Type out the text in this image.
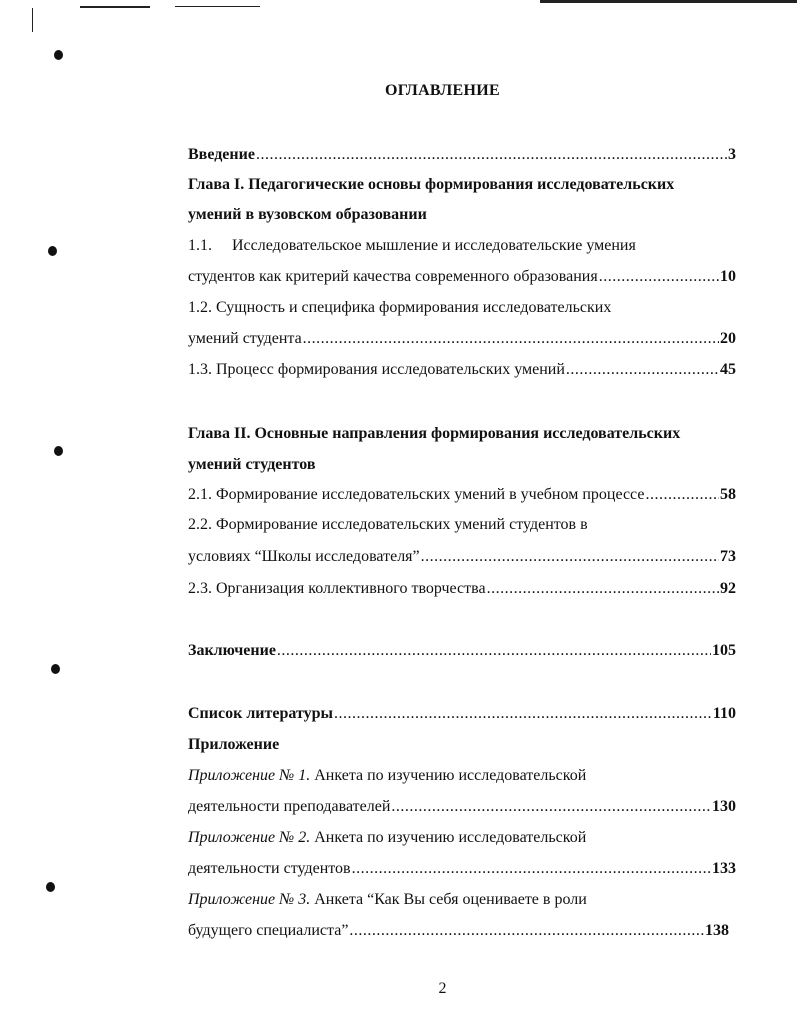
ОГЛАВЛЕНИЕ
Введение .....	3
Глава I. Педагогические основы формирования исследовательских
умений в вузовском образовании
1.1. Исследовательское мышление и исследовательские умения
студентов как критерий качества современного образования .....	10
1.2. Сущность и специфика формирования исследовательских
умений студента .....	20
1.3. Процесс формирования исследовательских умений .....	45
Глава II. Основные направления формирования исследовательских
умений студентов
2.1. Формирование исследовательских умений в учебном процессе .....	58
2.2. Формирование исследовательских умений студентов в
условиях “Школы исследователя” .....	73
2.3. Организация коллективного творчества .....	92
Заключение .....	105
Список литературы .....	110
Приложение
Приложение № 1. Анкета по изучению исследовательской
деятельности преподавателей .....	130
Приложение № 2. Анкета по изучению исследовательской
деятельности студентов .....	133
Приложение № 3. Анкета “Как Вы себя оцениваете в роли
будущего специалиста” .....	138
2
